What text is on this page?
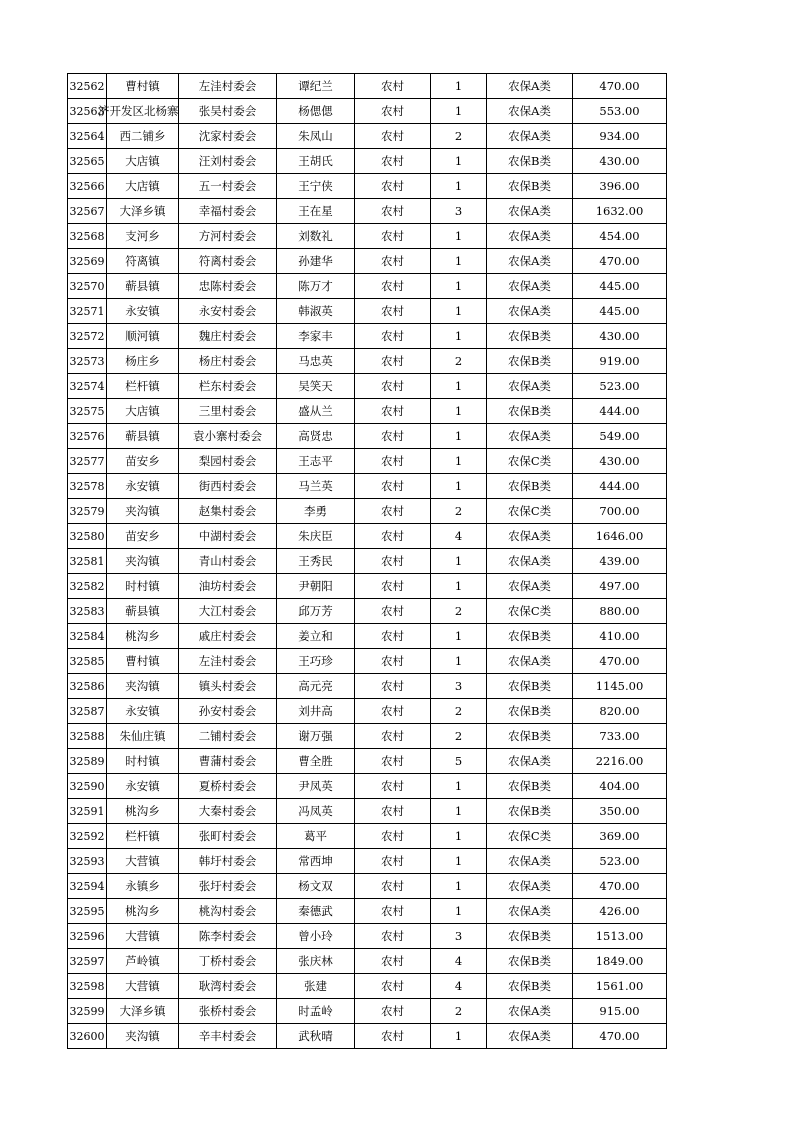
32562	曹村镇	左洼村委会	谭纪兰	农村	1	农保A类	470.00
32563	济开发区北杨寨	张吴村委会	杨偲偲	农村	1	农保A类	553.00
32564	西二铺乡	沈家村委会	朱凤山	农村	2	农保A类	934.00
32565	大店镇	汪刘村委会	王胡氏	农村	1	农保B类	430.00
32566	大店镇	五一村委会	王宁侠	农村	1	农保B类	396.00
32567	大泽乡镇	幸福村委会	王在星	农村	3	农保A类	1632.00
32568	支河乡	方河村委会	刘数礼	农村	1	农保A类	454.00
32569	符离镇	符离村委会	孙建华	农村	1	农保A类	470.00
32570	蕲县镇	忠陈村委会	陈万才	农村	1	农保A类	445.00
32571	永安镇	永安村委会	韩淑英	农村	1	农保A类	445.00
32572	顺河镇	魏庄村委会	李家丰	农村	1	农保B类	430.00
32573	杨庄乡	杨庄村委会	马忠英	农村	2	农保B类	919.00
32574	栏杆镇	栏东村委会	吴笑天	农村	1	农保A类	523.00
32575	大店镇	三里村委会	盛从兰	农村	1	农保B类	444.00
32576	蕲县镇	袁小寨村委会	高贤忠	农村	1	农保A类	549.00
32577	苗安乡	梨园村委会	王志平	农村	1	农保C类	430.00
32578	永安镇	街西村委会	马兰英	农村	1	农保B类	444.00
32579	夹沟镇	赵集村委会	李勇	农村	2	农保C类	700.00
32580	苗安乡	中湖村委会	朱庆臣	农村	4	农保A类	1646.00
32581	夹沟镇	青山村委会	王秀民	农村	1	农保A类	439.00
32582	时村镇	油坊村委会	尹朝阳	农村	1	农保A类	497.00
32583	蕲县镇	大江村委会	邱万芳	农村	2	农保C类	880.00
32584	桃沟乡	戚庄村委会	姜立和	农村	1	农保B类	410.00
32585	曹村镇	左洼村委会	王巧珍	农村	1	农保A类	470.00
32586	夹沟镇	镇头村委会	高元亮	农村	3	农保B类	1145.00
32587	永安镇	孙安村委会	刘井高	农村	2	农保B类	820.00
32588	朱仙庄镇	二铺村委会	谢万强	农村	2	农保B类	733.00
32589	时村镇	曹蒲村委会	曹全胜	农村	5	农保A类	2216.00
32590	永安镇	夏桥村委会	尹凤英	农村	1	农保B类	404.00
32591	桃沟乡	大秦村委会	冯凤英	农村	1	农保B类	350.00
32592	栏杆镇	张町村委会	葛平	农村	1	农保C类	369.00
32593	大营镇	韩圩村委会	常西坤	农村	1	农保A类	523.00
32594	永镇乡	张圩村委会	杨文双	农村	1	农保A类	470.00
32595	桃沟乡	桃沟村委会	秦德武	农村	1	农保A类	426.00
32596	大营镇	陈李村委会	曾小玲	农村	3	农保B类	1513.00
32597	芦岭镇	丁桥村委会	张庆林	农村	4	农保B类	1849.00
32598	大营镇	耿湾村委会	张建	农村	4	农保B类	1561.00
32599	大泽乡镇	张桥村委会	时孟岭	农村	2	农保A类	915.00
32600	夹沟镇	辛丰村委会	武秋晴	农村	1	农保A类	470.00
